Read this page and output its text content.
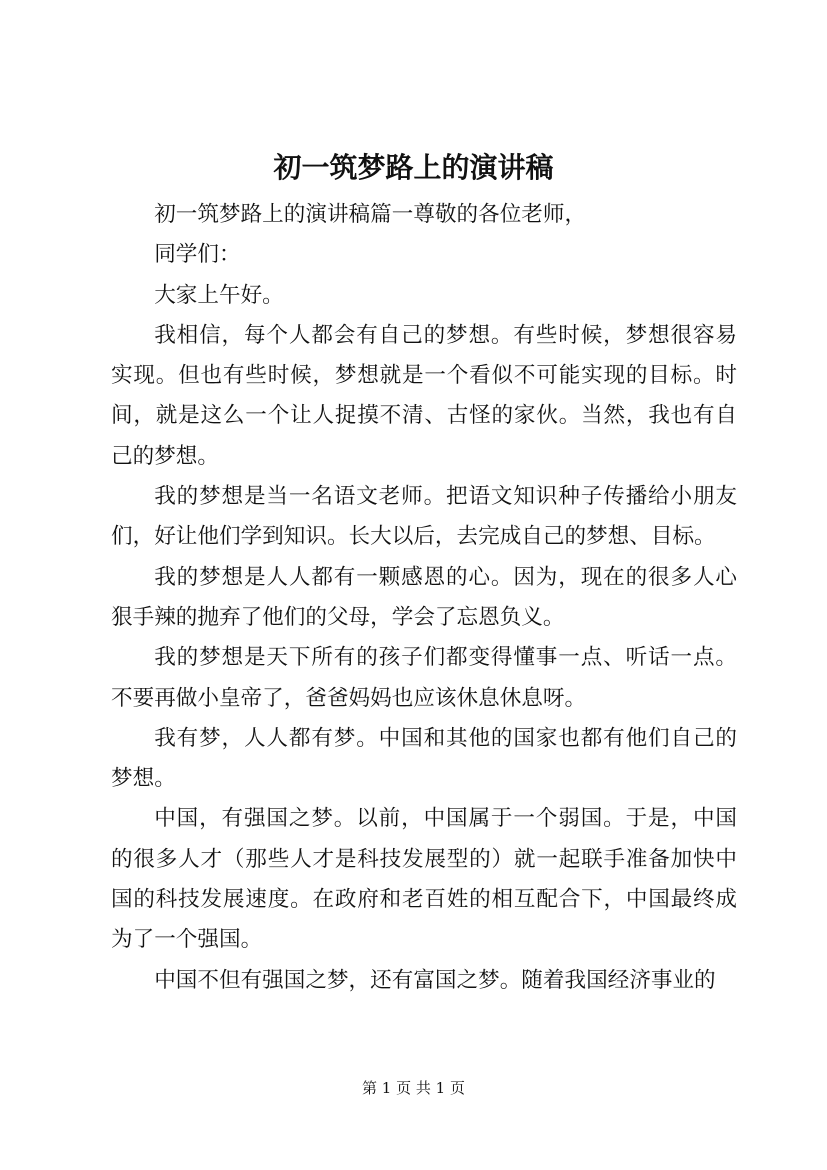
初一筑梦路上的演讲稿

初一筑梦路上的演讲稿篇一尊敬的各位老师，

同学们：

大家上午好。

我相信，每个人都会有自己的梦想。有些时候，梦想很容易实现。但也有些时候，梦想就是一个看似不可能实现的目标。时间，就是这么一个让人捉摸不清、古怪的家伙。当然，我也有自己的梦想。

我的梦想是当一名语文老师。把语文知识种子传播给小朋友们，好让他们学到知识。长大以后，去完成自己的梦想、目标。

我的梦想是人人都有一颗感恩的心。因为，现在的很多人心狠手辣的抛弃了他们的父母，学会了忘恩负义。

我的梦想是天下所有的孩子们都变得懂事一点、听话一点。不要再做小皇帝了，爸爸妈妈也应该休息休息呀。

我有梦，人人都有梦。中国和其他的国家也都有他们自己的梦想。

中国，有强国之梦。以前，中国属于一个弱国。于是，中国的很多人才（那些人才是科技发展型的）就一起联手准备加快中国的科技发展速度。在政府和老百姓的相互配合下，中国最终成为了一个强国。

中国不但有强国之梦，还有富国之梦。随着我国经济事业的

第 1 页 共 1 页
